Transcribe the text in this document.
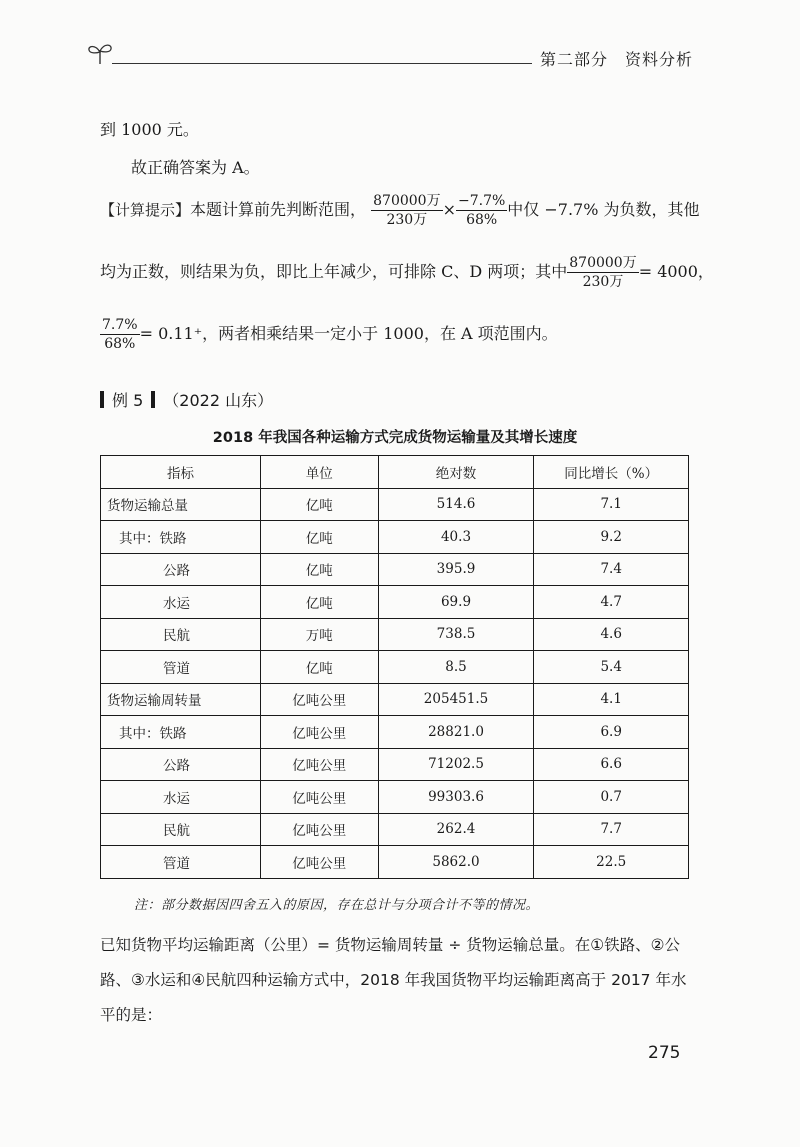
第二部分　资料分析
到 1000 元。
故正确答案为 A。
【计算提示】本题计算前先判断范围， $\frac{\text{870000万}}{\text{230万}} \times \frac{-7.7\%}{68\%}$ 中仅 −7.7% 为负数，其他
均为正数，则结果为负，即比上年减少，可排除 C、D 两项；其中 $\frac{\text{870000万}}{\text{230万}} = 4000$，
$\frac{7.7\%}{68\%} = 0.11^+$，两者相乘结果一定小于 1000，在 A 项范围内。
例 5 （2022 山东）
2018 年我国各种运输方式完成货物运输量及其增长速度
指标	单位	绝对数	同比增长（%）
货物运输总量	亿吨	514.6	7.1
其中：铁路	亿吨	40.3	9.2
公路	亿吨	395.9	7.4
水运	亿吨	69.9	4.7
民航	万吨	738.5	4.6
管道	亿吨	8.5	5.4
货物运输周转量	亿吨公里	205451.5	4.1
其中：铁路	亿吨公里	28821.0	6.9
公路	亿吨公里	71202.5	6.6
水运	亿吨公里	99303.6	0.7
民航	亿吨公里	262.4	7.7
管道	亿吨公里	5862.0	22.5
注：部分数据因四舍五入的原因，存在总计与分项合计不等的情况。
已知货物平均运输距离（公里）= 货物运输周转量 ÷ 货物运输总量。在①铁路、②公路、③水运和④民航四种运输方式中，2018 年我国货物平均运输距离高于 2017 年水平的是：
275
